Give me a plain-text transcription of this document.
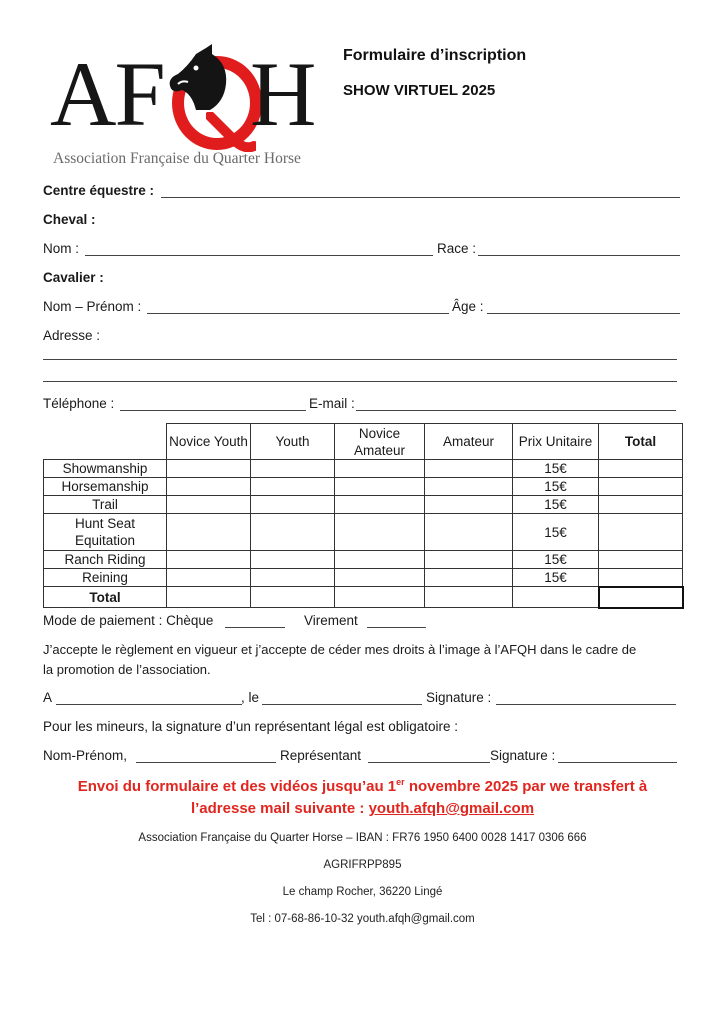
AF H
Association Française du Quarter Horse
Formulaire d’inscription
SHOW VIRTUEL 2025
Centre équestre :
Cheval :
Nom :	Race :
Cavalier :
Nom – Prénom :	Âge :
Adresse :
Téléphone :	E-mail :
	Novice Youth	Youth	Novice Amateur	Amateur	Prix Unitaire	Total
Showmanship					15€	
Horsemanship					15€	
Trail					15€	
Hunt Seat Equitation					15€	
Ranch Riding					15€	
Reining					15€	
Total						
Mode de paiement : Chèque	Virement
J’accepte le règlement en vigueur et j’accepte de céder mes droits à l’image à l’AFQH dans le cadre de
la promotion de l’association.
A	, le	Signature :
Pour les mineurs, la signature d’un représentant légal est obligatoire :
Nom-Prénom,	Représentant	Signature :
Envoi du formulaire et des vidéos jusqu’au 1er novembre 2025 par we transfert à
l’adresse mail suivante : youth.afqh@gmail.com
Association Française du Quarter Horse – IBAN : FR76 1950 6400 0028 1417 0306 666
AGRIFRPP895
Le champ Rocher, 36220 Lingé
Tel : 07-68-86-10-32 youth.afqh@gmail.com
